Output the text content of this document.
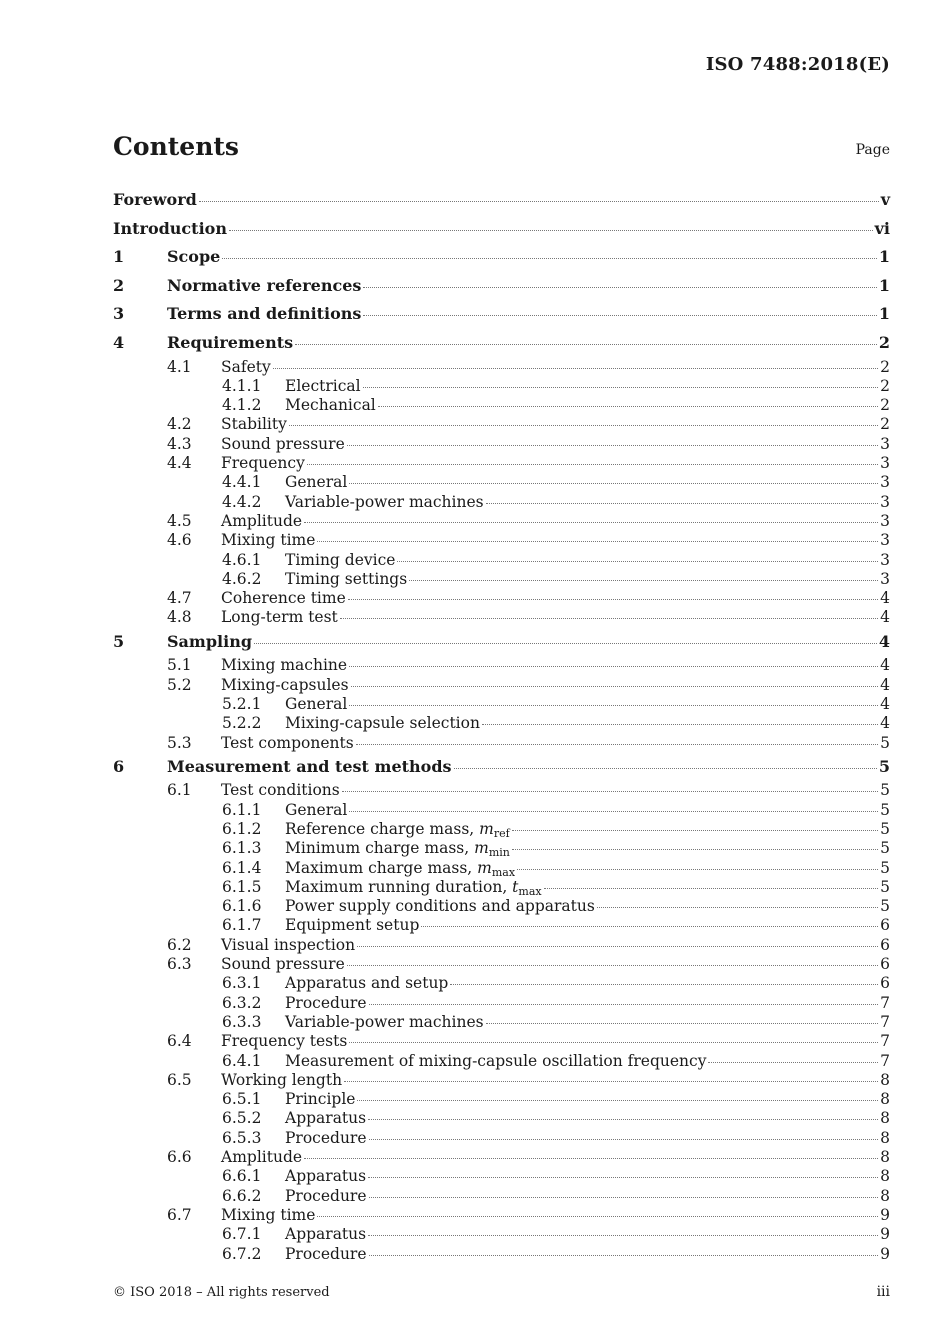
ISO 7488:2018(E)
Contents	Page
Foreword	v
Introduction	vi
1	Scope	1
2	Normative references	1
3	Terms and definitions	1
4	Requirements	2
4.1	Safety	2
4.1.1	Electrical	2
4.1.2	Mechanical	2
4.2	Stability	2
4.3	Sound pressure	3
4.4	Frequency	3
4.4.1	General	3
4.4.2	Variable-power machines	3
4.5	Amplitude	3
4.6	Mixing time	3
4.6.1	Timing device	3
4.6.2	Timing settings	3
4.7	Coherence time	4
4.8	Long-term test	4
5	Sampling	4
5.1	Mixing machine	4
5.2	Mixing-capsules	4
5.2.1	General	4
5.2.2	Mixing-capsule selection	4
5.3	Test components	5
6	Measurement and test methods	5
6.1	Test conditions	5
6.1.1	General	5
6.1.2	Reference charge mass, mref	5
6.1.3	Minimum charge mass, mmin	5
6.1.4	Maximum charge mass, mmax	5
6.1.5	Maximum running duration, tmax	5
6.1.6	Power supply conditions and apparatus	5
6.1.7	Equipment setup	6
6.2	Visual inspection	6
6.3	Sound pressure	6
6.3.1	Apparatus and setup	6
6.3.2	Procedure	7
6.3.3	Variable-power machines	7
6.4	Frequency tests	7
6.4.1	Measurement of mixing-capsule oscillation frequency	7
6.5	Working length	8
6.5.1	Principle	8
6.5.2	Apparatus	8
6.5.3	Procedure	8
6.6	Amplitude	8
6.6.1	Apparatus	8
6.6.2	Procedure	8
6.7	Mixing time	9
6.7.1	Apparatus	9
6.7.2	Procedure	9
© ISO 2018 – All rights reserved	iii
